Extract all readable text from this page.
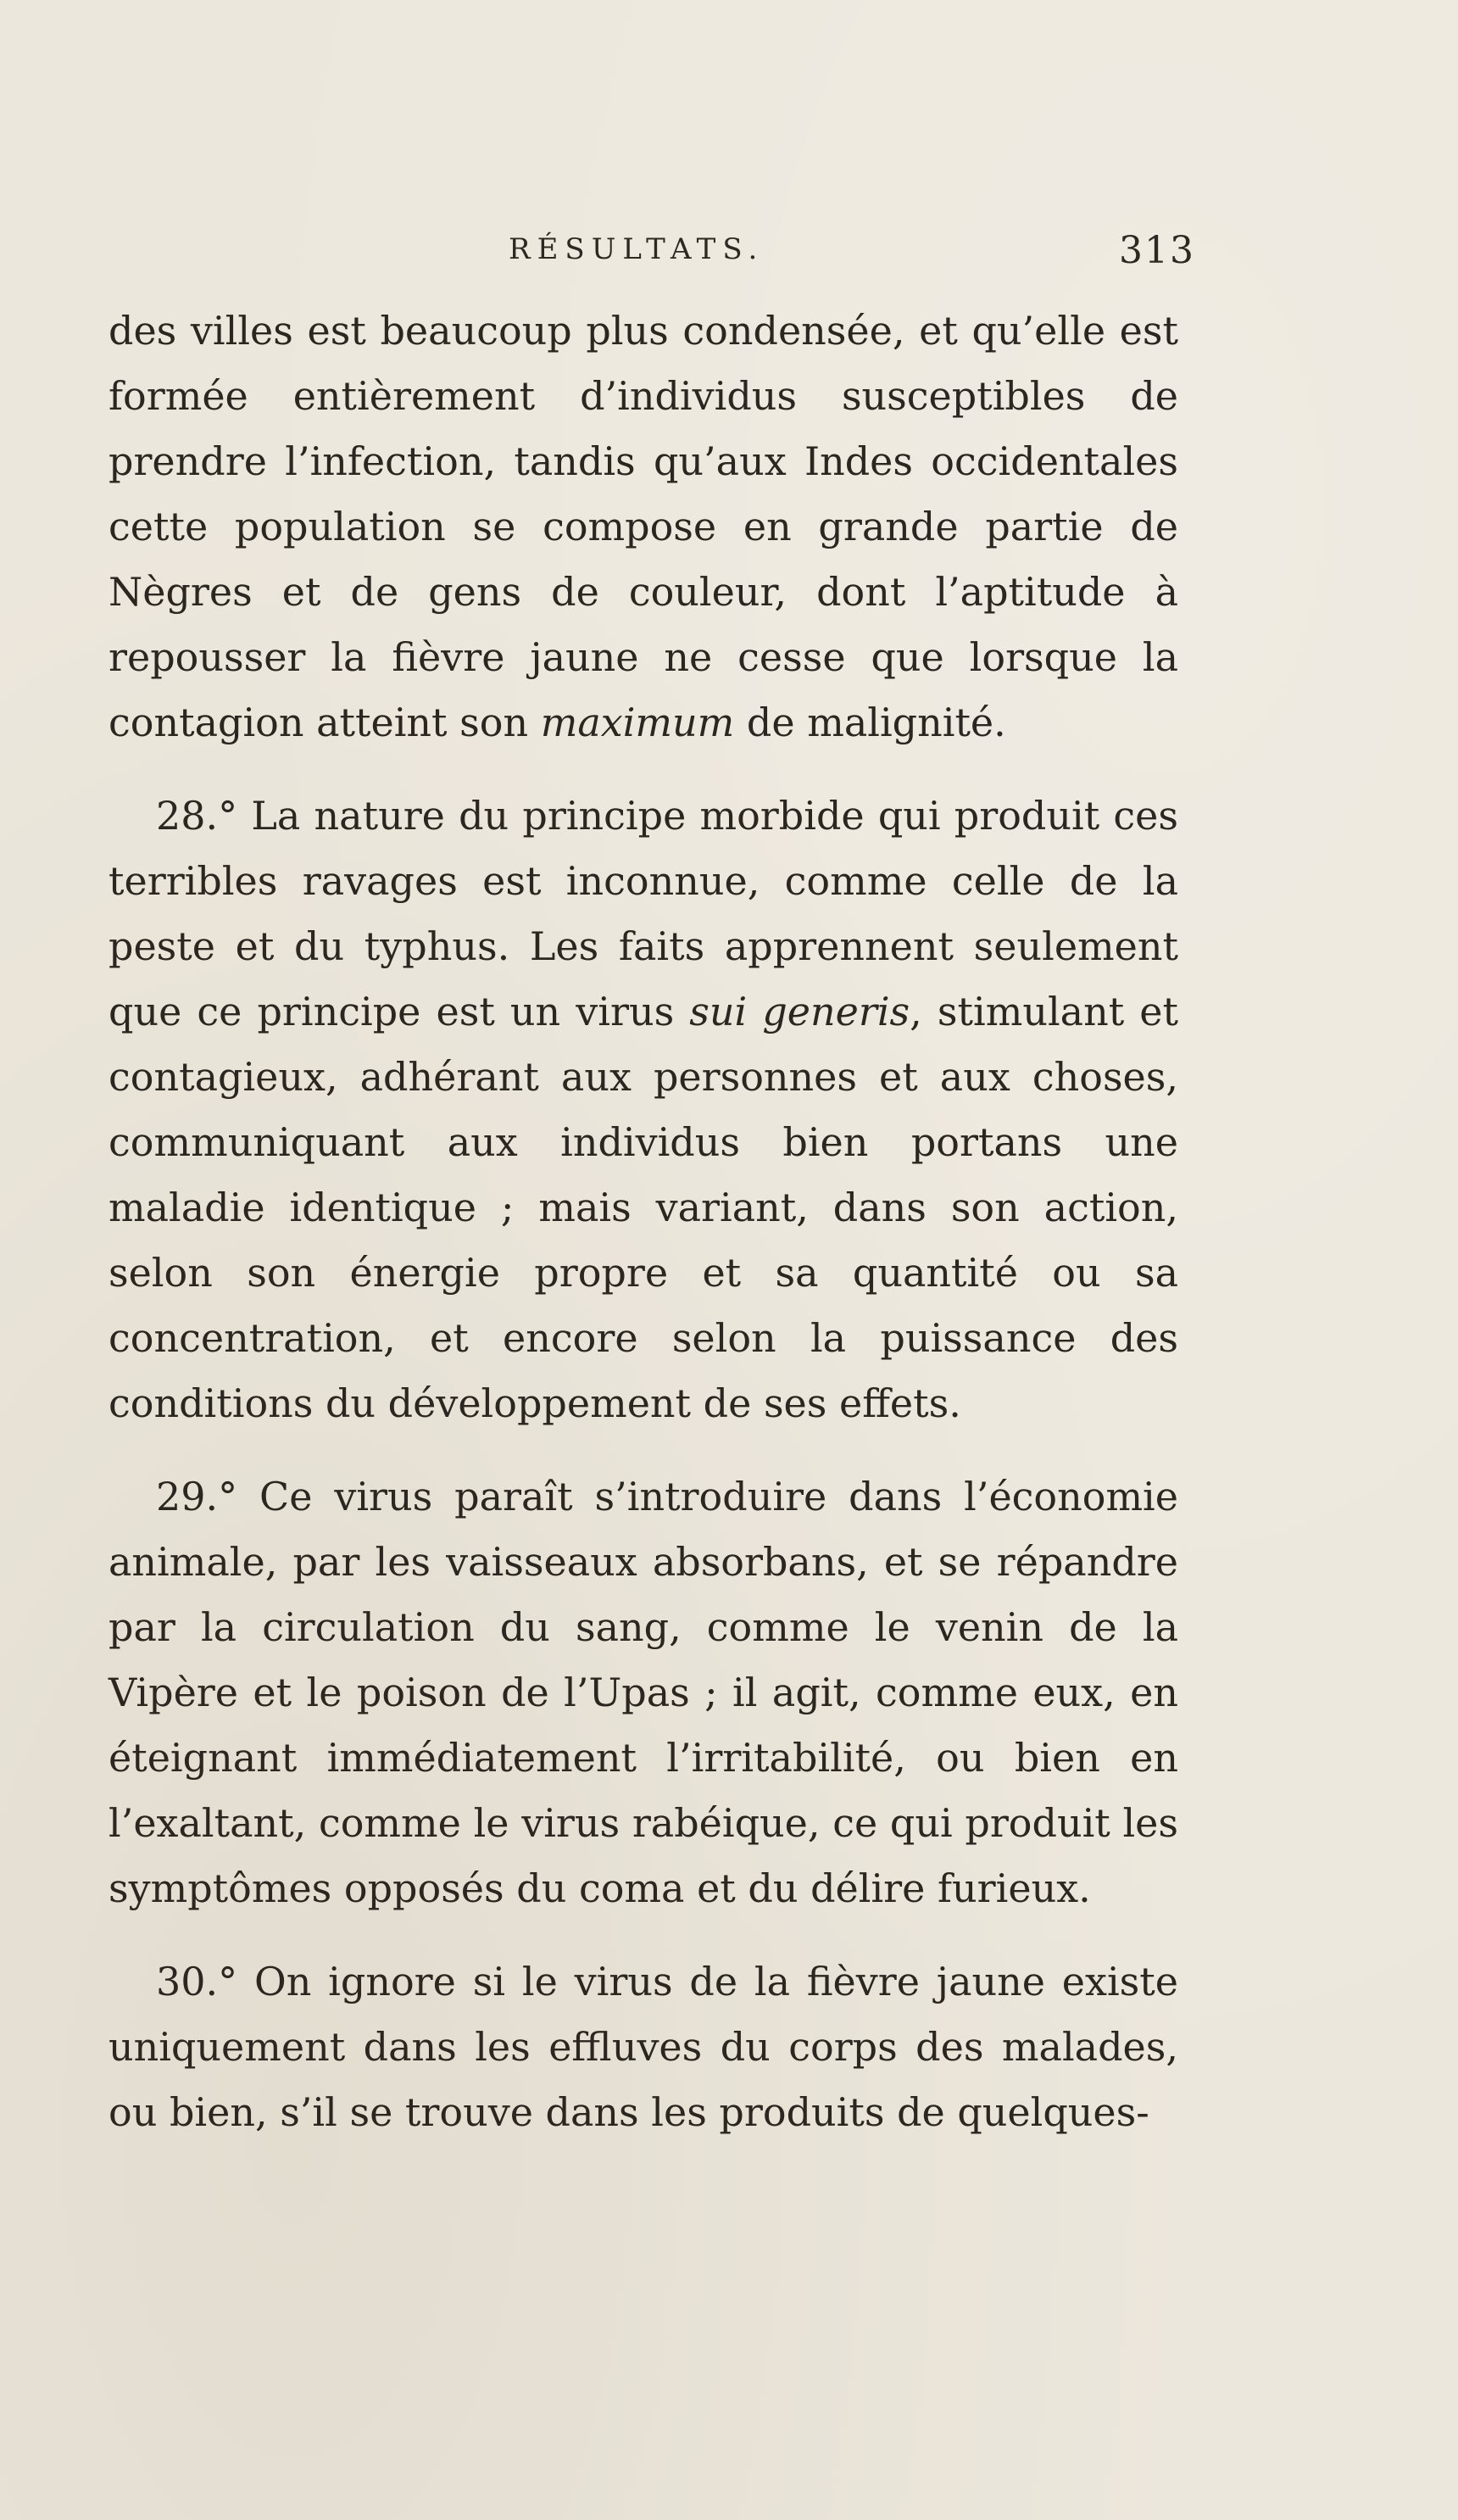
RÉSULTATS.	313

des villes est beaucoup plus condensée, et qu’elle est formée entièrement d’individus susceptibles de prendre l’infection, tandis qu’aux Indes occidentales cette population se compose en grande partie de Nègres et de gens de couleur, dont l’aptitude à repousser la fièvre jaune ne cesse que lorsque la contagion atteint son maximum de malignité.

28.° La nature du principe morbide qui produit ces terribles ravages est inconnue, comme celle de la peste et du typhus. Les faits apprennent seulement que ce principe est un virus sui generis, stimulant et contagieux, adhérant aux personnes et aux choses, communiquant aux individus bien portans une maladie identique ; mais variant, dans son action, selon son énergie propre et sa quantité ou sa concentration, et encore selon la puissance des conditions du développement de ses effets.

29.° Ce virus paraît s’introduire dans l’économie animale, par les vaisseaux absorbans, et se répandre par la circulation du sang, comme le venin de la Vipère et le poison de l’Upas ; il agit, comme eux, en éteignant immédiatement l’irritabilité, ou bien en l’exaltant, comme le virus rabéique, ce qui produit les symptômes opposés du coma et du délire furieux.

30.° On ignore si le virus de la fièvre jaune existe uniquement dans les effluves du corps des malades, ou bien, s’il se trouve dans les produits de quelques-
